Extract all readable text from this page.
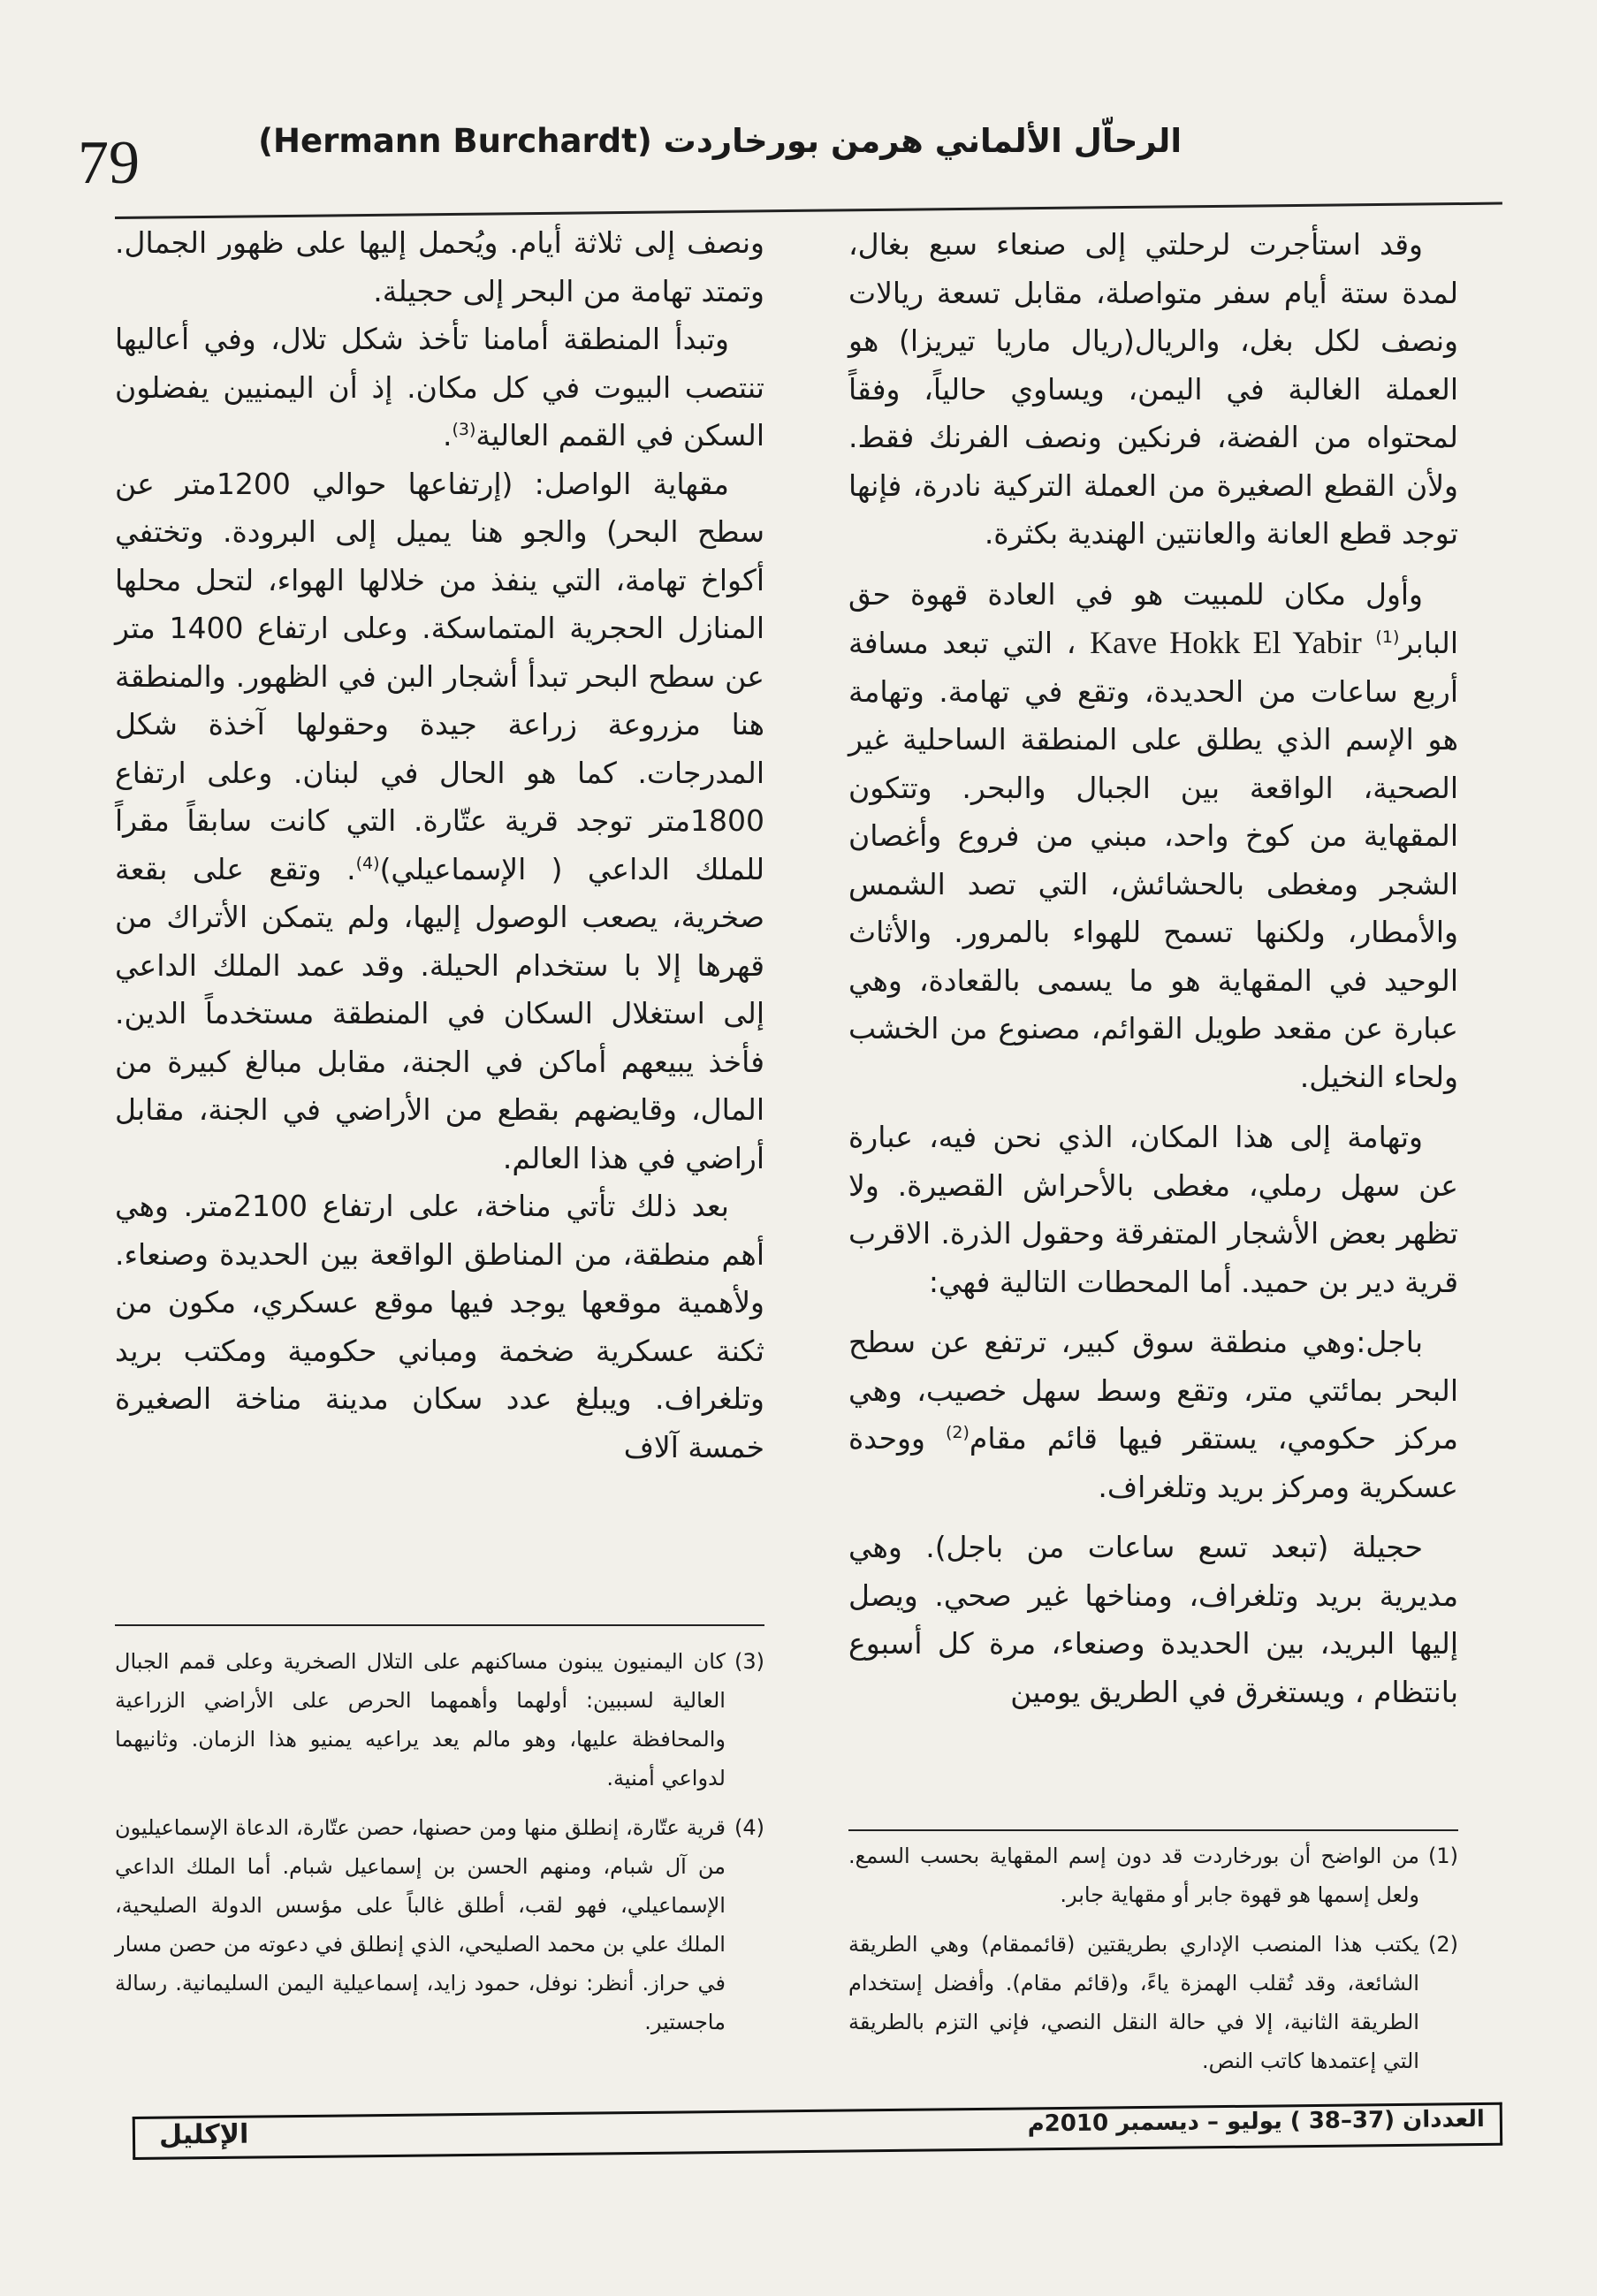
79	الرحاّل الألماني هرمن بورخاردت (Hermann Burchardt)

وقد استأجرت لرحلتي إلى صنعاء سبع بغال، لمدة ستة أيام سفر متواصلة، مقابل تسعة ريالات ونصف لكل بغل، والريال(ريال ماريا تيريزا) هو العملة الغالبة في اليمن، ويساوي حالياً، وفقاً لمحتواه من الفضة، فرنكين ونصف الفرنك فقط. ولأن القطع الصغيرة من العملة التركية نادرة، فإنها توجد قطع العانة والعانتين الهندية بكثرة.

وأول مكان للمبيت هو في العادة قهوة حق البابر$^{(1)}$ Kave Hokk El Yabir ، التي تبعد مسافة أربع ساعات من الحديدة، وتقع في تهامة. وتهامة هو الإسم الذي يطلق على المنطقة الساحلية غير الصحية، الواقعة بين الجبال والبحر. وتتكون المقهاية من كوخ واحد، مبني من فروع وأغصان الشجر ومغطى بالحشائش، التي تصد الشمس والأمطار، ولكنها تسمح للهواء بالمرور. والأثاث الوحيد في المقهاية هو ما يسمى بالقعادة، وهي عبارة عن مقعد طويل القوائم، مصنوع من الخشب ولحاء النخيل.

وتهامة إلى هذا المكان، الذي نحن فيه، عبارة عن سهل رملي، مغطى بالأحراش القصيرة. ولا تظهر بعض الأشجار المتفرقة وحقول الذرة. الاقرب قرية دير بن حميد. أما المحطات التالية فهي:

باجل:وهي منطقة سوق كبير، ترتفع عن سطح البحر بمائتي متر، وتقع وسط سهل خصيب، وهي مركز حكومي، يستقر فيها قائم مقام$^{(2)}$ ووحدة عسكرية ومركز بريد وتلغراف.

حجيلة (تبعد تسع ساعات من باجل). وهي مديرية بريد وتلغراف، ومناخها غير صحي. ويصل إليها البريد، بين الحديدة وصنعاء، مرة كل أسبوع بانتظام ، ويستغرق في الطريق يومين

ونصف إلى ثلاثة أيام. ويُحمل إليها على ظهور الجمال. وتمتد تهامة من البحر إلى حجيلة.

وتبدأ المنطقة أمامنا تأخذ شكل تلال، وفي أعاليها تنتصب البيوت في كل مكان. إذ أن اليمنيين يفضلون السكن في القمم العالية$^{(3)}$.

مقهاية الواصل: (إرتفاعها حوالي 1200متر عن سطح البحر) والجو هنا يميل إلى البرودة. وتختفي أكواخ تهامة، التي ينفذ من خلالها الهواء، لتحل محلها المنازل الحجرية المتماسكة. وعلى ارتفاع 1400 متر عن سطح البحر تبدأ أشجار البن في الظهور. والمنطقة هنا مزروعة زراعة جيدة وحقولها آخذة شكل المدرجات. كما هو الحال في لبنان. وعلى ارتفاع 1800متر توجد قرية عتّارة. التي كانت سابقاً مقراً للملك الداعي ( الإسماعيلي)$^{(4)}$. وتقع على بقعة صخرية، يصعب الوصول إليها، ولم يتمكن الأتراك من قهرها إلا با ستخدام الحيلة. وقد عمد الملك الداعي إلى استغلال السكان في المنطقة مستخدماً الدين. فأخذ يبيعهم أماكن في الجنة، مقابل مبالغ كبيرة من المال، وقايضهم بقطع من الأراضي في الجنة، مقابل أراضي في هذا العالم.

بعد ذلك تأتي مناخة، على ارتفاع 2100متر. وهي أهم منطقة، من المناطق الواقعة بين الحديدة وصنعاء. ولأهمية موقعها يوجد فيها موقع عسكري، مكون من ثكنة عسكرية ضخمة ومباني حكومية ومكتب بريد وتلغراف. ويبلغ عدد سكان مدينة مناخة الصغيرة خمسة آلاف

(3)
كان اليمنيون يبنون مساكنهم على التلال الصخرية وعلى قمم الجبال العالية لسببين: أولهما وأهمهما الحرص على الأراضي الزراعية والمحافظة عليها، وهو مالم يعد يراعيه يمنيو هذا الزمان. وثانيهما لدواعي أمنية.
(4)
قرية عتّارة، إنطلق منها ومن حصنها، حصن عتّارة، الدعاة الإسماعيليون من آل شبام، ومنهم الحسن بن إسماعيل شبام. أما الملك الداعي الإسماعيلي، فهو لقب، أطلق غالباً على مؤسس الدولة الصليحية، الملك علي بن محمد الصليحي، الذي إنطلق في دعوته من حصن مسار في حراز. أنظر: نوفل، حمود زايد، إسماعيلية اليمن السليمانية. رسالة ماجستير.
(1)
من الواضح أن بورخاردت قد دون إسم المقهاية بحسب السمع. ولعل إسمها هو قهوة جابر أو مقهاية جابر.
(2)
يكتب هذا المنصب الإداري بطريقتين (قائممقام) وهي الطريقة الشائعة، وقد تُقلب الهمزة ياءً، و(قائم مقام). وأفضل إستخدام الطريقة الثانية، إلا في حالة النقل النصي، فإني التزم بالطريقة التي إعتمدها كاتب النص.
العددان (37–38 ) يوليو – ديسمبر 2010م
الإكليل
